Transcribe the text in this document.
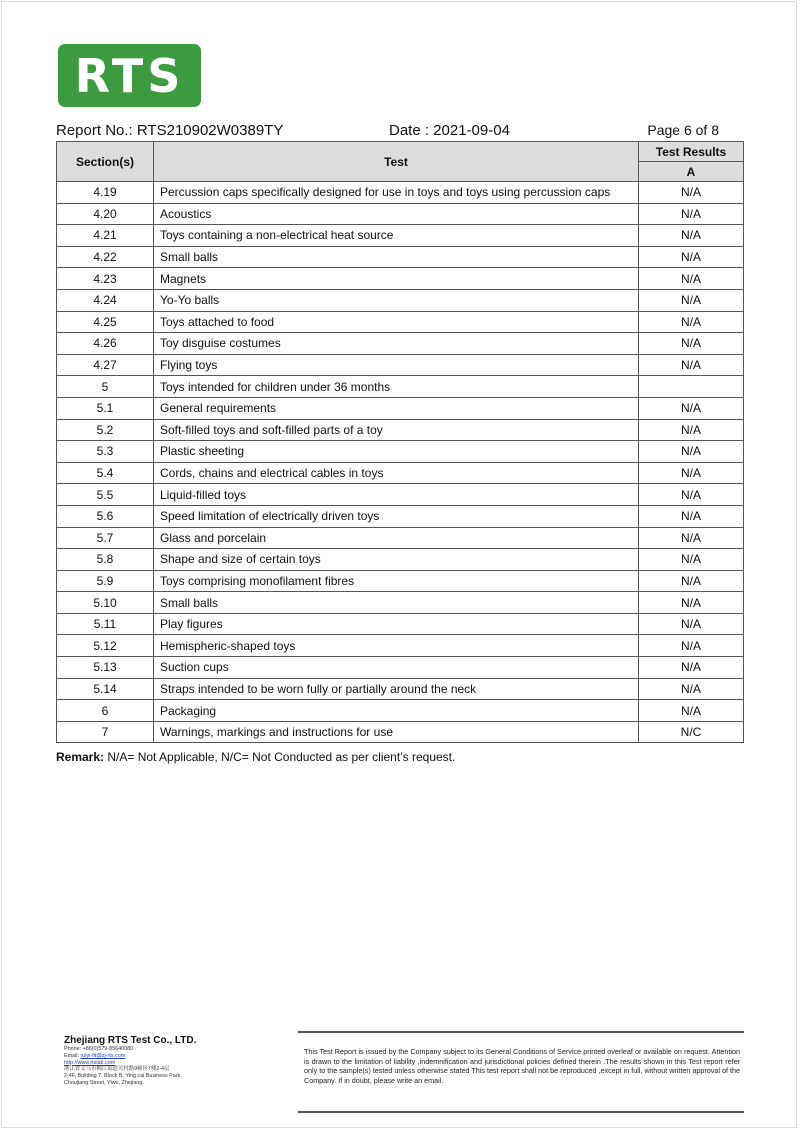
RTS
Report No.: RTS210902W0389TY	Date : 2021-09-04	Page 6 of 8
Section(s)	Test	Test Results
		A
4.19	Percussion caps specifically designed for use in toys and toys using percussion caps	N/A
4.20	Acoustics	N/A
4.21	Toys containing a non-electrical heat source	N/A
4.22	Small balls	N/A
4.23	Magnets	N/A
4.24	Yo-Yo balls	N/A
4.25	Toys attached to food	N/A
4.26	Toy disguise costumes	N/A
4.27	Flying toys	N/A
5	Toys intended for children under 36 months	
5.1	General requirements	N/A
5.2	Soft-filled toys and soft-filled parts of a toy	N/A
5.3	Plastic sheeting	N/A
5.4	Cords, chains and electrical cables in toys	N/A
5.5	Liquid-filled toys	N/A
5.6	Speed limitation of electrically driven toys	N/A
5.7	Glass and porcelain	N/A
5.8	Shape and size of certain toys	N/A
5.9	Toys comprising monofilament fibres	N/A
5.10	Small balls	N/A
5.11	Play figures	N/A
5.12	Hemispheric-shaped toys	N/A
5.13	Suction cups	N/A
5.14	Straps intended to be worn fully or partially around the neck	N/A
6	Packaging	N/A
7	Warnings, markings and instructions for use	N/C
Remark: N/A= Not Applicable, N/C= Not Conducted as per client’s request.
Zhejiang RTS Test Co., LTD.
Phone: +86(0)579-85640080
Email: rulyi-fit@zj-rts.com
http://www.rtslab.com
浙江省义乌市稠江街道贝村路9幢区7楼2-4层
2-4F, Building 7, Block B, Ying cai Business Park,
Choujiang Street, Yiwu, Zhejiang.
This Test Report is issued by the Company subject to its General Conditions of Service printed overleaf or available on request. Attention is drawn to the limitation of liability ,indemnification and jurisdictional policies defined therein .The results shown in this Test report refer only to the sample(s) tested unless otherwise stated This test report shall not be reproduced ,except in full, without written approval of the Company. If in doubt, please write an email.
